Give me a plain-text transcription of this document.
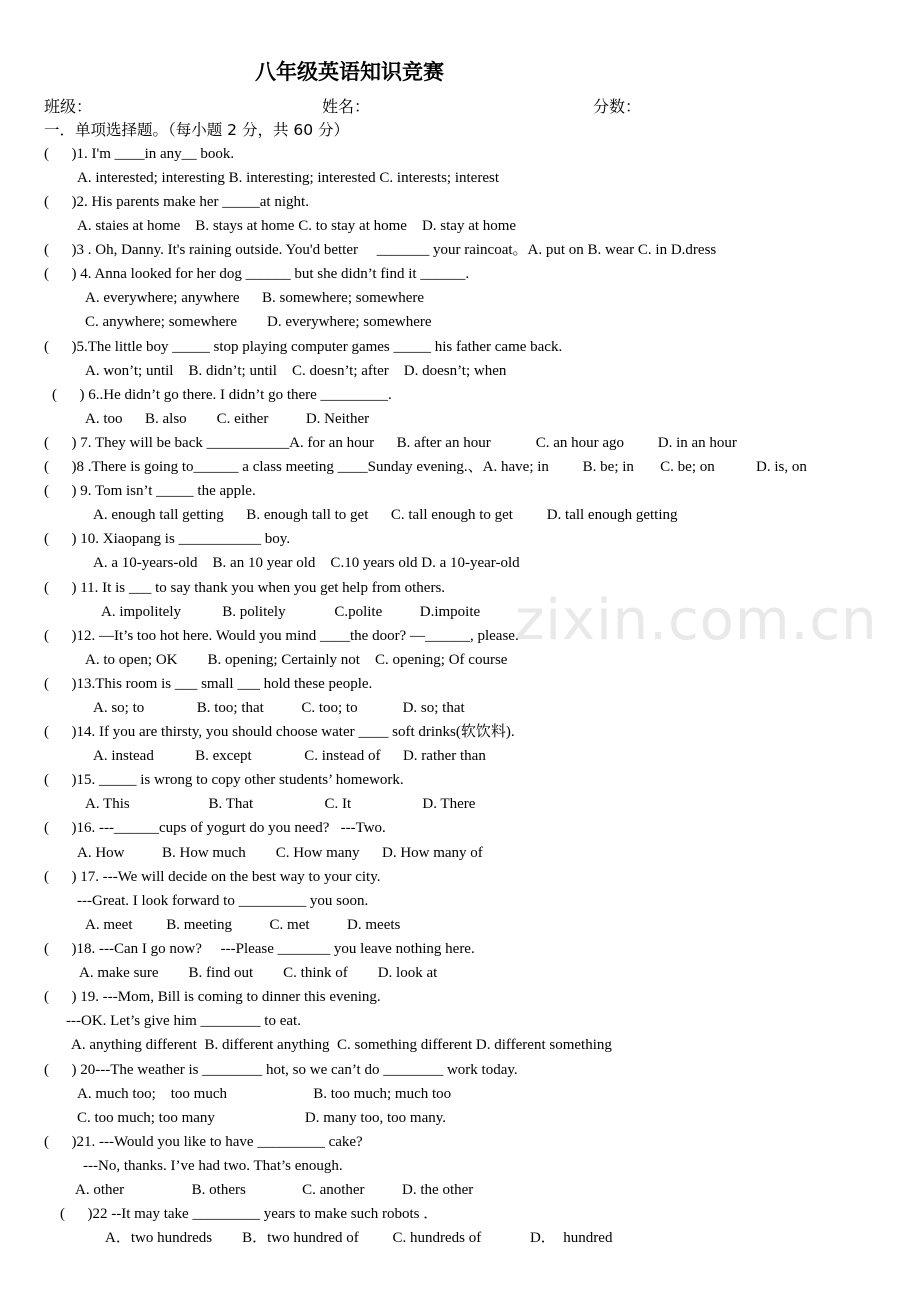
zixin.com.cn
八年级英语知识竞赛
班级：	姓名：	分数：
一．单项选择题。（每小题 2 分，共 60 分）
(      )1. I'm ____in any__ book.
A. interested; interesting B. interesting; interested C. interests; interest
(      )2. His parents make her _____at night.
A. staies at home    B. stays at home C. to stay at home    D. stay at home
(      )3 . Oh, Danny. It's raining outside. You'd better     _______ your raincoat。A. put on B. wear C. in D.dress
(      ) 4. Anna looked for her dog ______ but she didn’t find it ______.
A. everywhere; anywhere      B. somewhere; somewhere
C. anywhere; somewhere        D. everywhere; somewhere
(      )5.The little boy _____ stop playing computer games _____ his father came back.
A. won’t; until    B. didn’t; until    C. doesn’t; after    D. doesn’t; when
(      ) 6..He didn’t go there. I didn’t go there _________.
A. too      B. also        C. either          D. Neither
(      ) 7. They will be back ___________A. for an hour      B. after an hour            C. an hour ago         D. in an hour
(      )8 .There is going to______ a class meeting ____Sunday evening.、A. have; in         B. be; in       C. be; on           D. is, on
(      ) 9. Tom isn’t _____ the apple.
A. enough tall getting      B. enough tall to get      C. tall enough to get         D. tall enough getting
(      ) 10. Xiaopang is ___________ boy.
A. a 10-years-old    B. an 10 year old    C.10 years old D. a 10-year-old
(      ) 11. It is ___ to say thank you when you get help from others.
A. impolitely           B. politely             C.polite          D.impoite
(      )12. —It’s too hot here. Would you mind ____the door? —______, please.
A. to open; OK        B. opening; Certainly not    C. opening; Of course
(      )13.This room is ___ small ___ hold these people.
A. so; to              B. too; that          C. too; to            D. so; that
(      )14. If you are thirsty, you should choose water ____ soft drinks(软饮料).
A. instead           B. except              C. instead of      D. rather than
(      )15. _____ is wrong to copy other students’ homework.
A. This                     B. That                   C. It                   D. There
(      )16. ---______cups of yogurt do you need?   ---Two.
A. How          B. How much        C. How many      D. How many of
(      ) 17. ---We will decide on the best way to your city.
---Great. I look forward to _________ you soon.
A. meet         B. meeting          C. met          D. meets
(      )18. ---Can I go now?     ---Please _______ you leave nothing here.
A. make sure        B. find out        C. think of        D. look at
(      ) 19. ---Mom, Bill is coming to dinner this evening.
---OK. Let’s give him ________ to eat.
A. anything different  B. different anything  C. something different D. different something
(      ) 20---The weather is ________ hot, so we can’t do ________ work today.
A. much too;    too much                       B. too much; much too
C. too much; too many                        D. many too, too many.
(      )21. ---Would you like to have _________ cake?
---No, thanks. I’ve had two. That’s enough.
A. other                  B. others               C. another          D. the other
(      )22 --It may take _________ years to make such robots ．
A．two hundreds        B．two hundred of         C. hundreds of             D．  hundred
